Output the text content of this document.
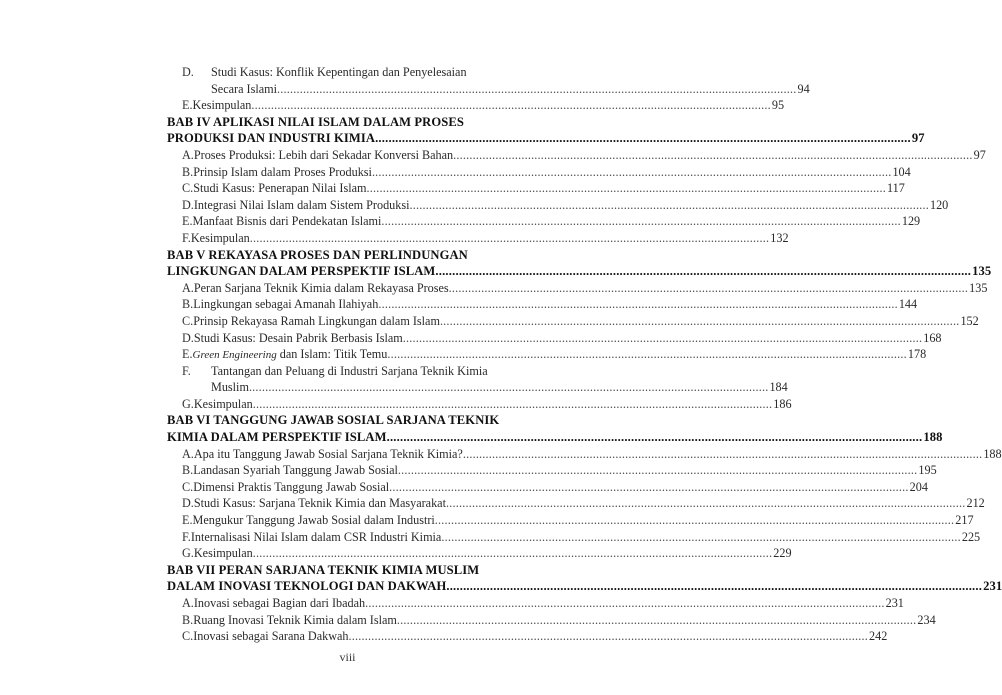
D.	Studi Kasus: Konflik Kepentingan dan Penyelesaian
Secara Islami .....	94
E. Kesimpulan .....	95
BAB IV APLIKASI NILAI ISLAM DALAM PROSES
PRODUKSI DAN INDUSTRI KIMIA .....	97
A. Proses Produksi: Lebih dari Sekadar Konversi Bahan .....	97
B. Prinsip Islam dalam Proses Produksi .....	104
C. Studi Kasus: Penerapan Nilai Islam .....	117
D. Integrasi Nilai Islam dalam Sistem Produksi .....	120
E. Manfaat Bisnis dari Pendekatan Islami .....	129
F. Kesimpulan .....	132
BAB V REKAYASA PROSES DAN PERLINDUNGAN
LINGKUNGAN DALAM PERSPEKTIF ISLAM .....	135
A. Peran Sarjana Teknik Kimia dalam Rekayasa Proses .....	135
B. Lingkungan sebagai Amanah Ilahiyah .....	144
C. Prinsip Rekayasa Ramah Lingkungan dalam Islam .....	152
D. Studi Kasus: Desain Pabrik Berbasis Islam .....	168
E. Green Engineering dan Islam: Titik Temu .....	178
F.	Tantangan dan Peluang di Industri Sarjana Teknik Kimia
Muslim .....	184
G. Kesimpulan .....	186
BAB VI TANGGUNG JAWAB SOSIAL SARJANA TEKNIK
KIMIA DALAM PERSPEKTIF ISLAM .....	188
A. Apa itu Tanggung Jawab Sosial Sarjana Teknik Kimia? .....	188
B. Landasan Syariah Tanggung Jawab Sosial .....	195
C. Dimensi Praktis Tanggung Jawab Sosial .....	204
D. Studi Kasus: Sarjana Teknik Kimia dan Masyarakat .....	212
E. Mengukur Tanggung Jawab Sosial dalam Industri .....	217
F. Internalisasi Nilai Islam dalam CSR Industri Kimia .....	225
G. Kesimpulan .....	229
BAB VII PERAN SARJANA TEKNIK KIMIA MUSLIM
DALAM INOVASI TEKNOLOGI DAN DAKWAH .....	231
A. Inovasi sebagai Bagian dari Ibadah .....	231
B. Ruang Inovasi Teknik Kimia dalam Islam .....	234
C. Inovasi sebagai Sarana Dakwah .....	242
viii
